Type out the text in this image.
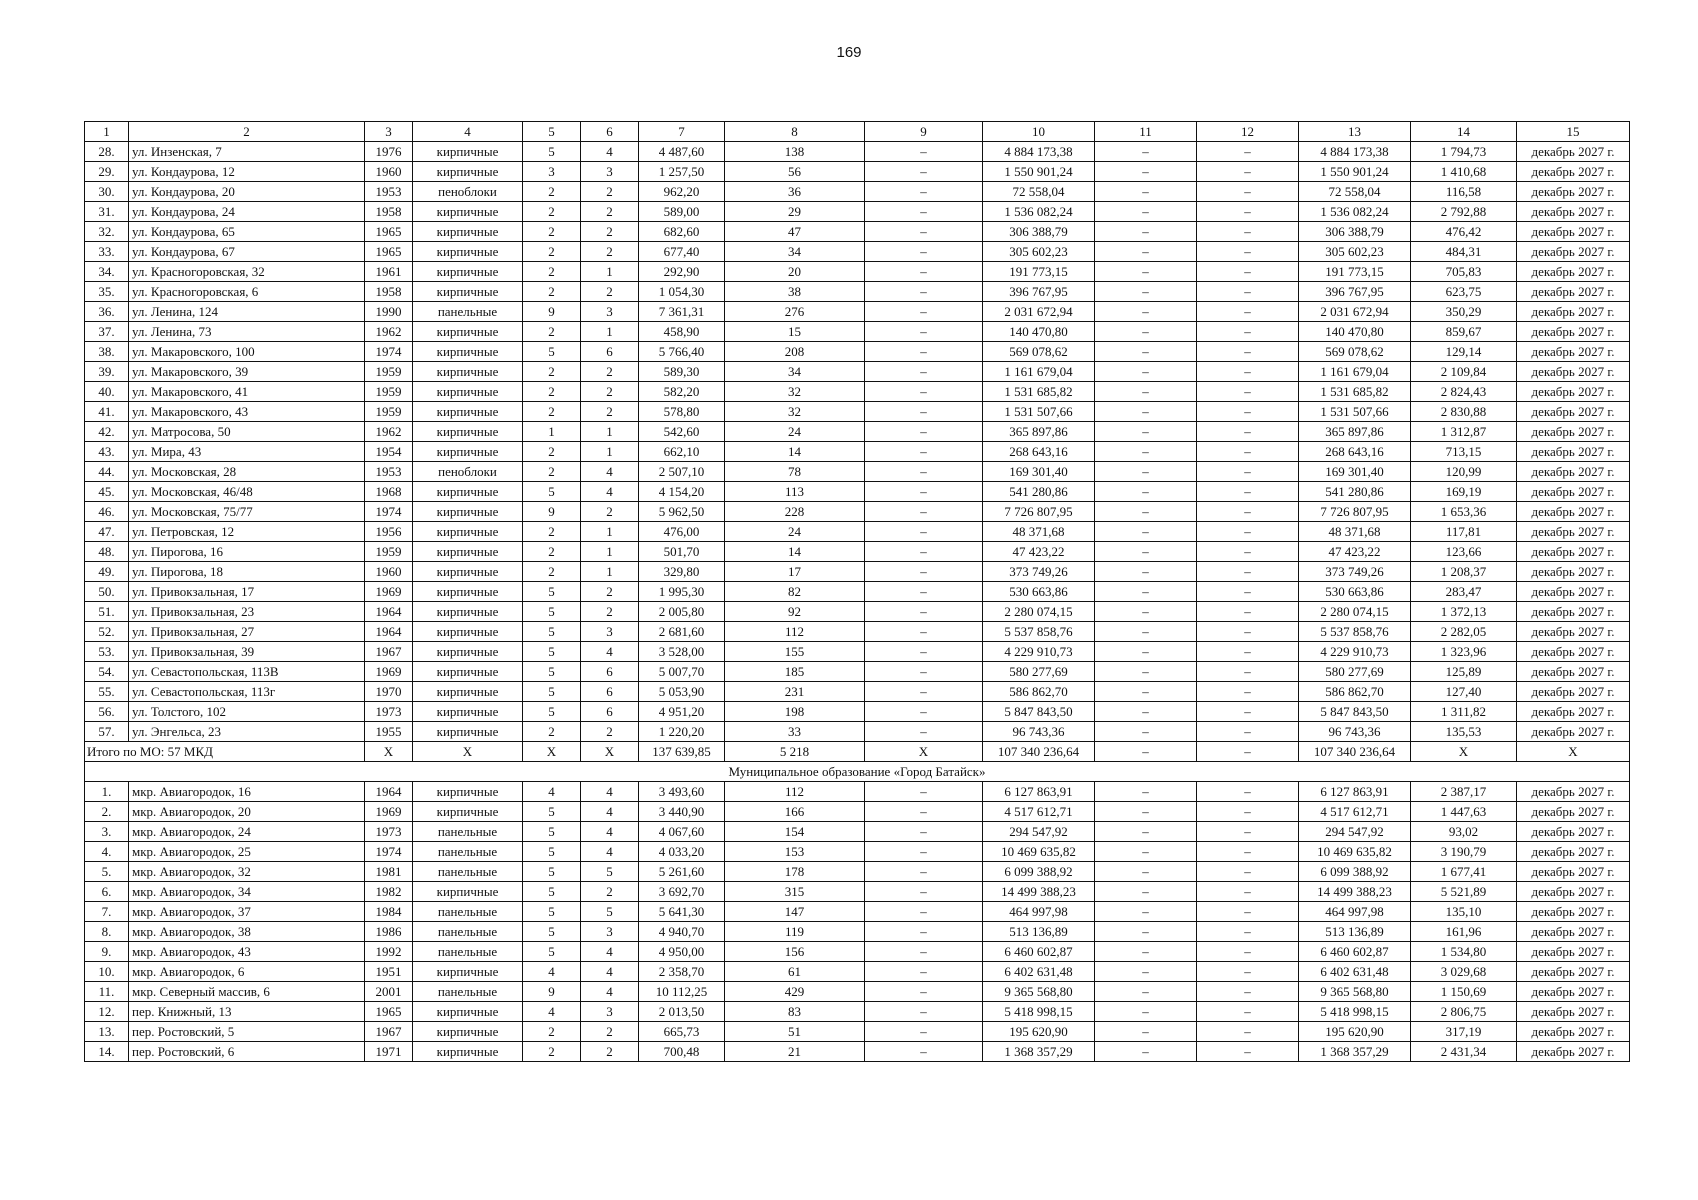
169
1	2	3	4	5	6	7	8	9	10	11	12	13	14	15
28.	ул. Инзенская, 7	1976	кирпичные	5	4	4 487,60	138	–	4 884 173,38	–	–	4 884 173,38	1 794,73	декабрь 2027 г.
29.	ул. Кондаурова, 12	1960	кирпичные	3	3	1 257,50	56	–	1 550 901,24	–	–	1 550 901,24	1 410,68	декабрь 2027 г.
30.	ул. Кондаурова, 20	1953	пеноблоки	2	2	962,20	36	–	72 558,04	–	–	72 558,04	116,58	декабрь 2027 г.
31.	ул. Кондаурова, 24	1958	кирпичные	2	2	589,00	29	–	1 536 082,24	–	–	1 536 082,24	2 792,88	декабрь 2027 г.
32.	ул. Кондаурова, 65	1965	кирпичные	2	2	682,60	47	–	306 388,79	–	–	306 388,79	476,42	декабрь 2027 г.
33.	ул. Кондаурова, 67	1965	кирпичные	2	2	677,40	34	–	305 602,23	–	–	305 602,23	484,31	декабрь 2027 г.
34.	ул. Красногоровская, 32	1961	кирпичные	2	1	292,90	20	–	191 773,15	–	–	191 773,15	705,83	декабрь 2027 г.
35.	ул. Красногоровская, 6	1958	кирпичные	2	2	1 054,30	38	–	396 767,95	–	–	396 767,95	623,75	декабрь 2027 г.
36.	ул. Ленина, 124	1990	панельные	9	3	7 361,31	276	–	2 031 672,94	–	–	2 031 672,94	350,29	декабрь 2027 г.
37.	ул. Ленина, 73	1962	кирпичные	2	1	458,90	15	–	140 470,80	–	–	140 470,80	859,67	декабрь 2027 г.
38.	ул. Макаровского, 100	1974	кирпичные	5	6	5 766,40	208	–	569 078,62	–	–	569 078,62	129,14	декабрь 2027 г.
39.	ул. Макаровского, 39	1959	кирпичные	2	2	589,30	34	–	1 161 679,04	–	–	1 161 679,04	2 109,84	декабрь 2027 г.
40.	ул. Макаровского, 41	1959	кирпичные	2	2	582,20	32	–	1 531 685,82	–	–	1 531 685,82	2 824,43	декабрь 2027 г.
41.	ул. Макаровского, 43	1959	кирпичные	2	2	578,80	32	–	1 531 507,66	–	–	1 531 507,66	2 830,88	декабрь 2027 г.
42.	ул. Матросова, 50	1962	кирпичные	1	1	542,60	24	–	365 897,86	–	–	365 897,86	1 312,87	декабрь 2027 г.
43.	ул. Мира, 43	1954	кирпичные	2	1	662,10	14	–	268 643,16	–	–	268 643,16	713,15	декабрь 2027 г.
44.	ул. Московская, 28	1953	пеноблоки	2	4	2 507,10	78	–	169 301,40	–	–	169 301,40	120,99	декабрь 2027 г.
45.	ул. Московская, 46/48	1968	кирпичные	5	4	4 154,20	113	–	541 280,86	–	–	541 280,86	169,19	декабрь 2027 г.
46.	ул. Московская, 75/77	1974	кирпичные	9	2	5 962,50	228	–	7 726 807,95	–	–	7 726 807,95	1 653,36	декабрь 2027 г.
47.	ул. Петровская, 12	1956	кирпичные	2	1	476,00	24	–	48 371,68	–	–	48 371,68	117,81	декабрь 2027 г.
48.	ул. Пирогова, 16	1959	кирпичные	2	1	501,70	14	–	47 423,22	–	–	47 423,22	123,66	декабрь 2027 г.
49.	ул. Пирогова, 18	1960	кирпичные	2	1	329,80	17	–	373 749,26	–	–	373 749,26	1 208,37	декабрь 2027 г.
50.	ул. Привокзальная, 17	1969	кирпичные	5	2	1 995,30	82	–	530 663,86	–	–	530 663,86	283,47	декабрь 2027 г.
51.	ул. Привокзальная, 23	1964	кирпичные	5	2	2 005,80	92	–	2 280 074,15	–	–	2 280 074,15	1 372,13	декабрь 2027 г.
52.	ул. Привокзальная, 27	1964	кирпичные	5	3	2 681,60	112	–	5 537 858,76	–	–	5 537 858,76	2 282,05	декабрь 2027 г.
53.	ул. Привокзальная, 39	1967	кирпичные	5	4	3 528,00	155	–	4 229 910,73	–	–	4 229 910,73	1 323,96	декабрь 2027 г.
54.	ул. Севастопольская, 113В	1969	кирпичные	5	6	5 007,70	185	–	580 277,69	–	–	580 277,69	125,89	декабрь 2027 г.
55.	ул. Севастопольская, 113г	1970	кирпичные	5	6	5 053,90	231	–	586 862,70	–	–	586 862,70	127,40	декабрь 2027 г.
56.	ул. Толстого, 102	1973	кирпичные	5	6	4 951,20	198	–	5 847 843,50	–	–	5 847 843,50	1 311,82	декабрь 2027 г.
57.	ул. Энгельса, 23	1955	кирпичные	2	2	1 220,20	33	–	96 743,36	–	–	96 743,36	135,53	декабрь 2027 г.
Итого по МО: 57 МКД		X	X	X	X	137 639,85	5 218	X	107 340 236,64	–	–	107 340 236,64	X	X
Муниципальное образование «Город Батайск»														
1.	мкр. Авиагородок, 16	1964	кирпичные	4	4	3 493,60	112	–	6 127 863,91	–	–	6 127 863,91	2 387,17	декабрь 2027 г.
2.	мкр. Авиагородок, 20	1969	кирпичные	5	4	3 440,90	166	–	4 517 612,71	–	–	4 517 612,71	1 447,63	декабрь 2027 г.
3.	мкр. Авиагородок, 24	1973	панельные	5	4	4 067,60	154	–	294 547,92	–	–	294 547,92	93,02	декабрь 2027 г.
4.	мкр. Авиагородок, 25	1974	панельные	5	4	4 033,20	153	–	10 469 635,82	–	–	10 469 635,82	3 190,79	декабрь 2027 г.
5.	мкр. Авиагородок, 32	1981	панельные	5	5	5 261,60	178	–	6 099 388,92	–	–	6 099 388,92	1 677,41	декабрь 2027 г.
6.	мкр. Авиагородок, 34	1982	кирпичные	5	2	3 692,70	315	–	14 499 388,23	–	–	14 499 388,23	5 521,89	декабрь 2027 г.
7.	мкр. Авиагородок, 37	1984	панельные	5	5	5 641,30	147	–	464 997,98	–	–	464 997,98	135,10	декабрь 2027 г.
8.	мкр. Авиагородок, 38	1986	панельные	5	3	4 940,70	119	–	513 136,89	–	–	513 136,89	161,96	декабрь 2027 г.
9.	мкр. Авиагородок, 43	1992	панельные	5	4	4 950,00	156	–	6 460 602,87	–	–	6 460 602,87	1 534,80	декабрь 2027 г.
10.	мкр. Авиагородок, 6	1951	кирпичные	4	4	2 358,70	61	–	6 402 631,48	–	–	6 402 631,48	3 029,68	декабрь 2027 г.
11.	мкр. Северный массив, 6	2001	панельные	9	4	10 112,25	429	–	9 365 568,80	–	–	9 365 568,80	1 150,69	декабрь 2027 г.
12.	пер. Книжный, 13	1965	кирпичные	4	3	2 013,50	83	–	5 418 998,15	–	–	5 418 998,15	2 806,75	декабрь 2027 г.
13.	пер. Ростовский, 5	1967	кирпичные	2	2	665,73	51	–	195 620,90	–	–	195 620,90	317,19	декабрь 2027 г.
14.	пер. Ростовский, 6	1971	кирпичные	2	2	700,48	21	–	1 368 357,29	–	–	1 368 357,29	2 431,34	декабрь 2027 г.
